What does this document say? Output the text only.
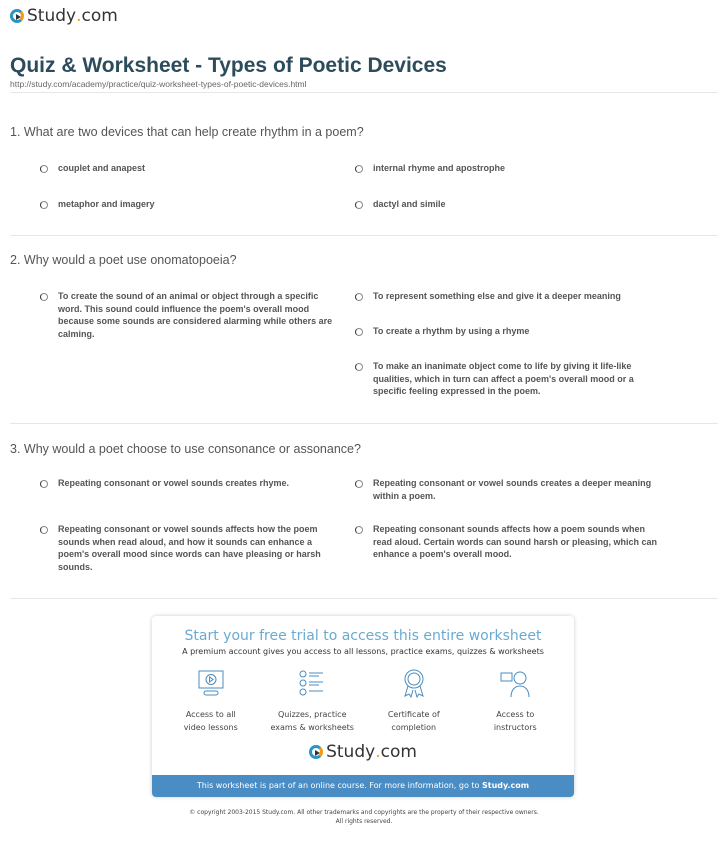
Study . com
Quiz & Worksheet - Types of Poetic Devices
http://study.com/academy/practice/quiz-worksheet-types-of-poetic-devices.html
1. What are two devices that can help create rhythm in a poem?
couplet and anapest	internal rhyme and apostrophe
metaphor and imagery	dactyl and simile
2. Why would a poet use onomatopoeia?
To create the sound of an animal or object through a specific word. This sound could influence the poem's overall mood because some sounds are considered alarming while others are calming.
To represent something else and give it a deeper meaning
To create a rhythm by using a rhyme
To make an inanimate object come to life by giving it life-like qualities, which in turn can affect a poem's overall mood or a specific feeling expressed in the poem.
3. Why would a poet choose to use consonance or assonance?
Repeating consonant or vowel sounds creates rhyme.	Repeating consonant or vowel sounds creates a deeper meaning within a poem.
Repeating consonant or vowel sounds affects how the poem sounds when read aloud, and how it sounds can enhance a poem's overall mood since words can have pleasing or harsh sounds.
Repeating consonant sounds affects how a poem sounds when read aloud. Certain words can sound harsh or pleasing, which can enhance a poem's overall mood.
Start your free trial to access this entire worksheet
A premium account gives you access to all lessons, practice exams, quizzes & worksheets
Access to all
video lessons
Quizzes, practice
exams & worksheets
Certificate of
completion
Access to
instructors
Study . com
This worksheet is part of an online course. For more information, go to Study.com
© copyright 2003-2015 Study.com. All other trademarks and copyrights are the property of their respective owners.
All rights reserved.
